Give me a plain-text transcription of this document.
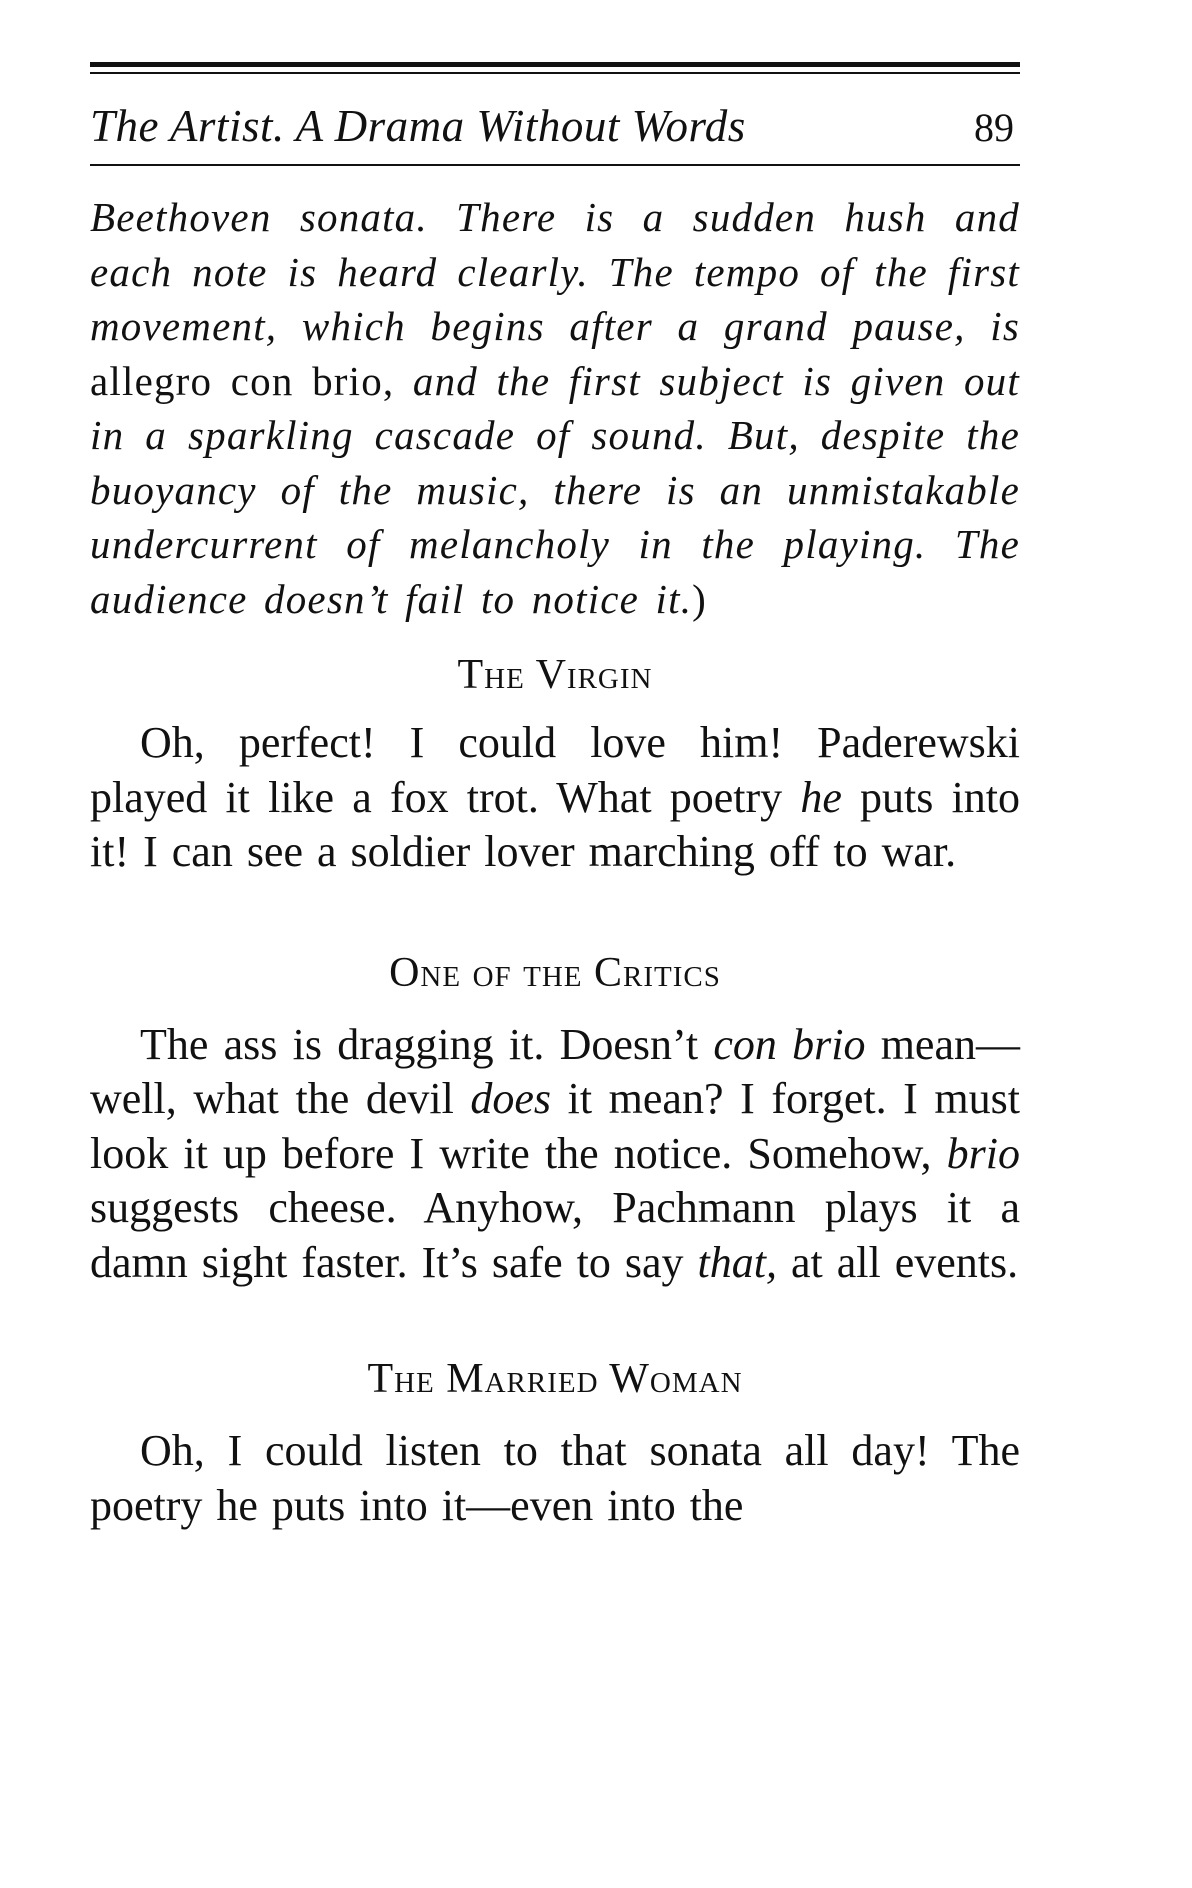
The Artist. A Drama Without Words	89

Beethoven sonata. There is a sudden hush and each note is heard clearly. The tempo of the first movement, which begins after a grand pause, is allegro con brio, and the first subject is given out in a sparkling cascade of sound. But, despite the buoyancy of the music, there is an unmistakable undercurrent of melancholy in the playing. The audience doesn’t fail to notice it.)

The Virgin

Oh, perfect! I could love him! Paderewski played it like a fox trot. What poetry he puts into it! I can see a soldier lover marching off to war.

One of the Critics

The ass is dragging it. Doesn’t con brio mean—well, what the devil does it mean? I forget. I must look it up before I write the notice. Somehow, brio suggests cheese. Anyhow, Pachmann plays it a damn sight faster. It’s safe to say that, at all events.

The Married Woman

Oh, I could listen to that sonata all day! The poetry he puts into it—even into the
